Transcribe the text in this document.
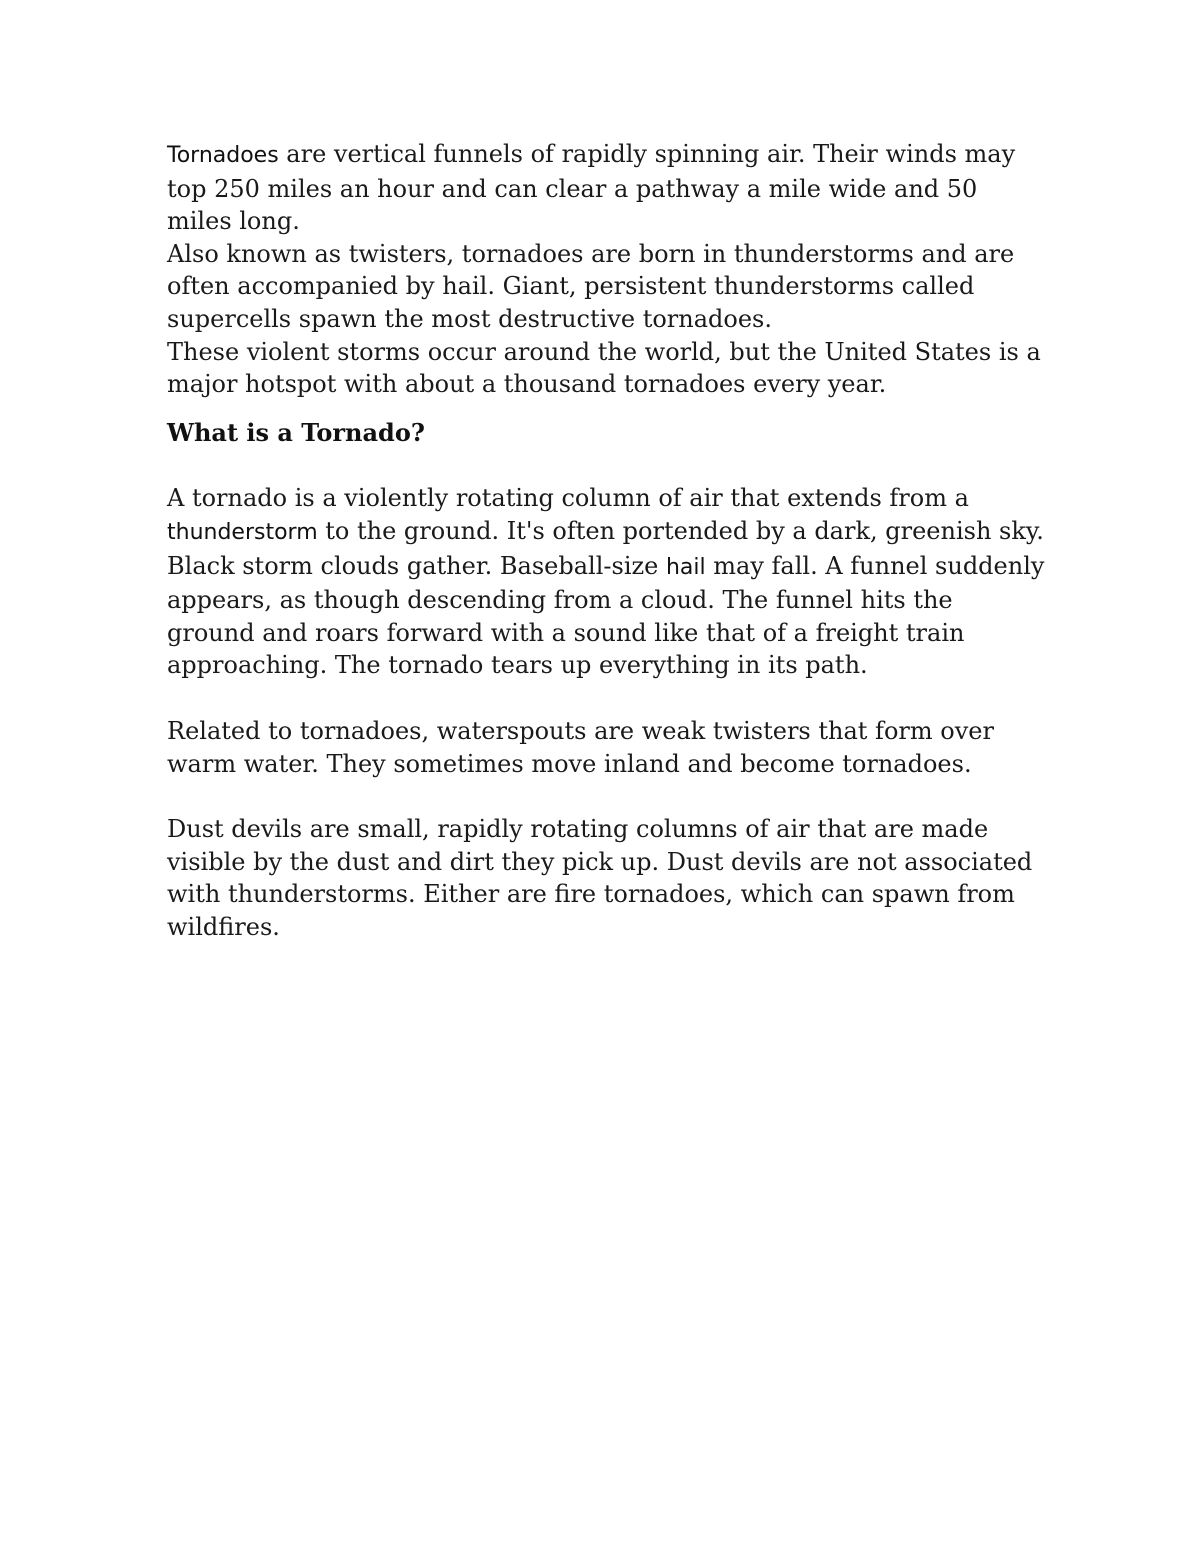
Tornadoes are vertical funnels of rapidly spinning air. Their winds may top 250 miles an hour and can clear a pathway a mile wide and 50 miles long.

Also known as twisters, tornadoes are born in thunderstorms and are often accompanied by hail. Giant, persistent thunderstorms called supercells spawn the most destructive tornadoes.

These violent storms occur around the world, but the United States is a major hotspot with about a thousand tornadoes every year.

What is a Tornado?

A tornado is a violently rotating column of air that extends from a thunderstorm to the ground. It's often portended by a dark, greenish sky. Black storm clouds gather. Baseball-size hail may fall. A funnel suddenly appears, as though descending from a cloud. The funnel hits the ground and roars forward with a sound like that of a freight train approaching. The tornado tears up everything in its path.

Related to tornadoes, waterspouts are weak twisters that form over warm water. They sometimes move inland and become tornadoes.

Dust devils are small, rapidly rotating columns of air that are made visible by the dust and dirt they pick up. Dust devils are not associated with thunderstorms. Either are fire tornadoes, which can spawn from wildfires.
